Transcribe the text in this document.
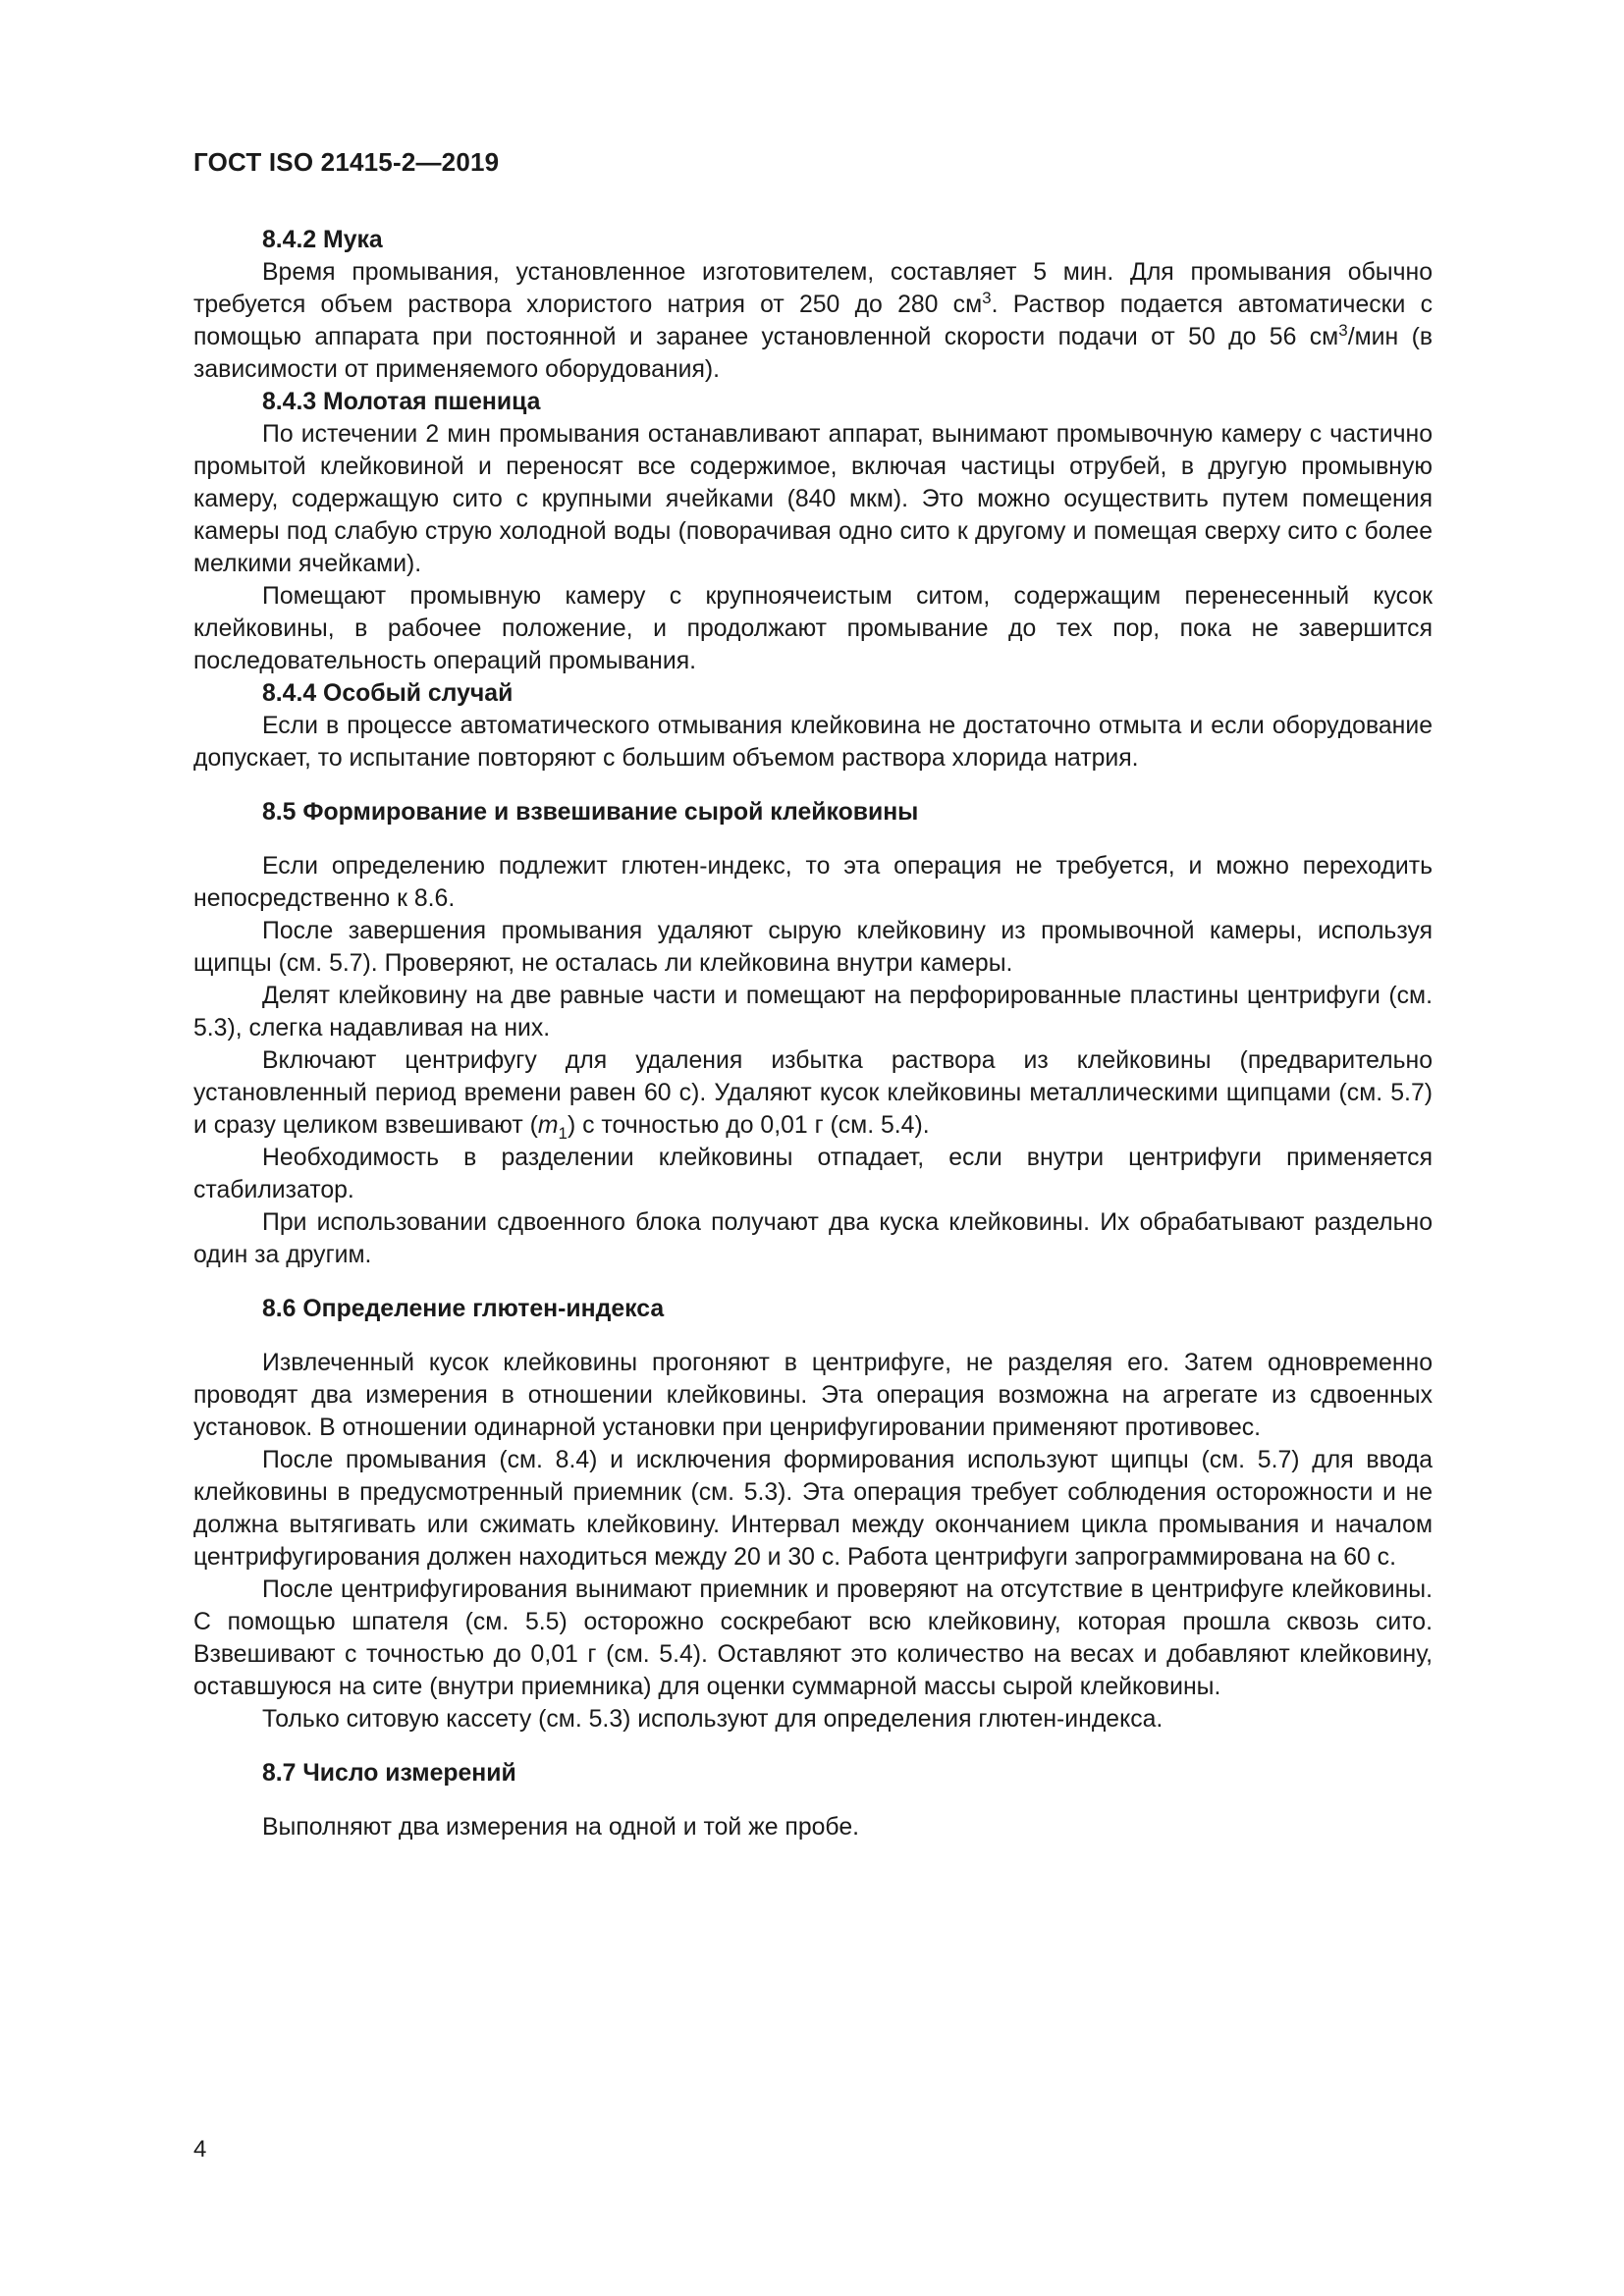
ГОСТ ISO 21415-2—2019
8.4.2 Мука

Время промывания, установленное изготовителем, составляет 5 мин. Для промывания обычно требуется объем раствора хлористого натрия от 250 до 280 $см^3$. Раствор подается автоматически с помощью аппарата при постоянной и заранее установленной скорости подачи от 50 до 56 $см^3$/мин (в зависимости от применяемого оборудования).

8.4.3 Молотая пшеница

По истечении 2 мин промывания останавливают аппарат, вынимают промывочную камеру с частично промытой клейковиной и переносят все содержимое, включая частицы отрубей, в другую промывную камеру, содержащую сито с крупными ячейками (840 мкм). Это можно осуществить путем помещения камеры под слабую струю холодной воды (поворачивая одно сито к другому и помещая сверху сито с более мелкими ячейками).

Помещают промывную камеру с крупноячеистым ситом, содержащим перенесенный кусок клейковины, в рабочее положение, и продолжают промывание до тех пор, пока не завершится последовательность операций промывания.

8.4.4 Особый случай

Если в процессе автоматического отмывания клейковина не достаточно отмыта и если оборудование допускает, то испытание повторяют с большим объемом раствора хлорида натрия.

8.5 Формирование и взвешивание сырой клейковины

Если определению подлежит глютен-индекс, то эта операция не требуется, и можно переходить непосредственно к 8.6.

После завершения промывания удаляют сырую клейковину из промывочной камеры, используя щипцы (см. 5.7). Проверяют, не осталась ли клейковина внутри камеры.

Делят клейковину на две равные части и помещают на перфорированные пластины центрифуги (см. 5.3), слегка надавливая на них.

Включают центрифугу для удаления избытка раствора из клейковины (предварительно установленный период времени равен 60 с). Удаляют кусок клейковины металлическими щипцами (см. 5.7) и сразу целиком взвешивают $(m_1)$ с точностью до 0,01 г (см. 5.4).

Необходимость в разделении клейковины отпадает, если внутри центрифуги применяется стабилизатор.

При использовании сдвоенного блока получают два куска клейковины. Их обрабатывают раздельно один за другим.

8.6 Определение глютен-индекса

Извлеченный кусок клейковины прогоняют в центрифуге, не разделяя его. Затем одновременно проводят два измерения в отношении клейковины. Эта операция возможна на агрегате из сдвоенных установок. В отношении одинарной установки при ценрифугировании применяют противовес.

После промывания (см. 8.4) и исключения формирования используют щипцы (см. 5.7) для ввода клейковины в предусмотренный приемник (см. 5.3). Эта операция требует соблюдения осторожности и не должна вытягивать или сжимать клейковину. Интервал между окончанием цикла промывания и началом центрифугирования должен находиться между 20 и 30 с. Работа центрифуги запрограммирована на 60 с.

После центрифугирования вынимают приемник и проверяют на отсутствие в центрифуге клейковины. С помощью шпателя (см. 5.5) осторожно соскребают всю клейковину, которая прошла сквозь сито. Взвешивают с точностью до 0,01 г (см. 5.4). Оставляют это количество на весах и добавляют клейковину, оставшуюся на сите (внутри приемника) для оценки суммарной массы сырой клейковины.

Только ситовую кассету (см. 5.3) используют для определения глютен-индекса.

8.7 Число измерений

Выполняют два измерения на одной и той же пробе.

4
